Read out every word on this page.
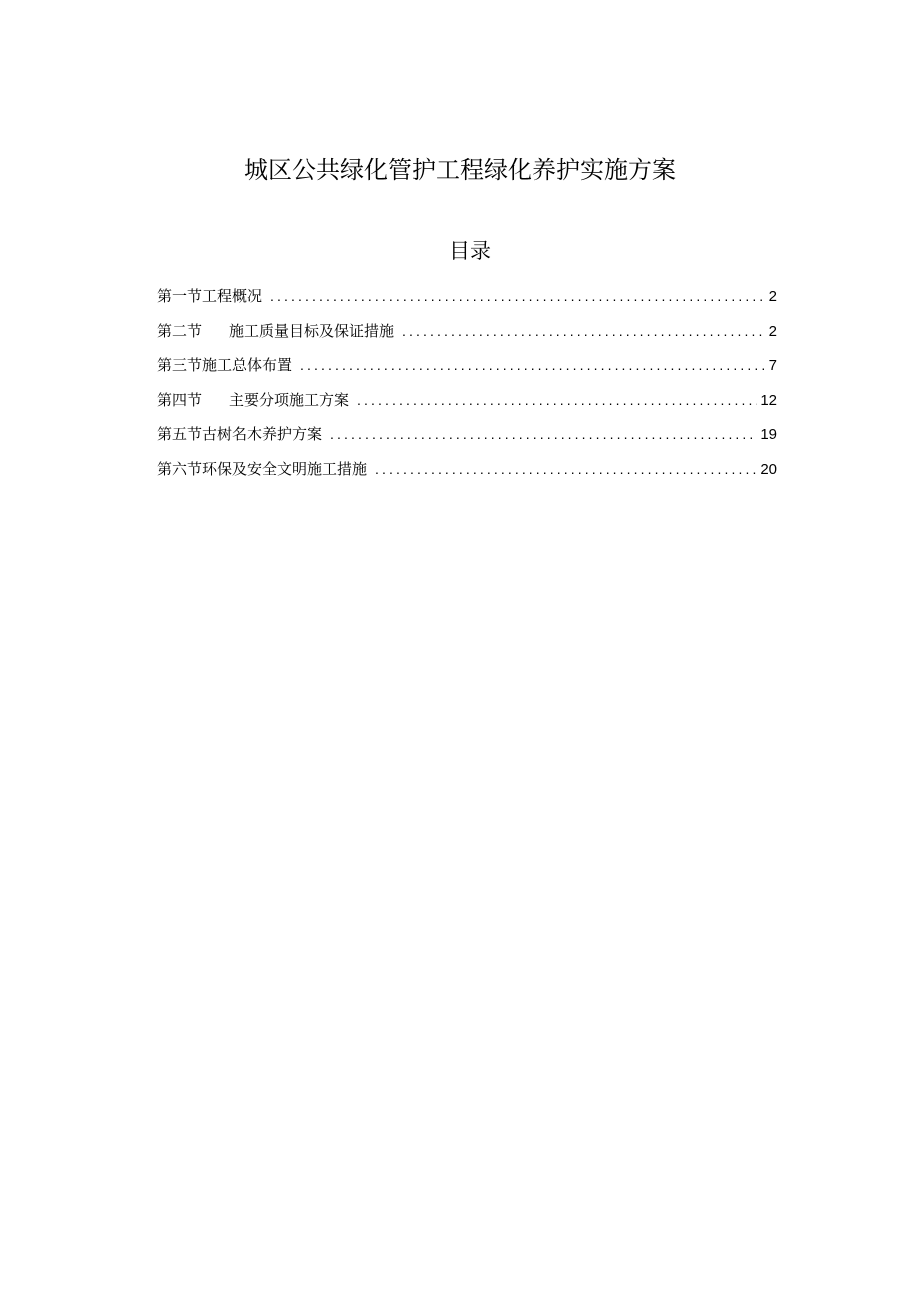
城区公共绿化管护工程绿化养护实施方案
目录
第一节 工程概况 .....	2
第二节 施工质量目标及保证措施 .....	2
第三节 施工总体布置 .....	7
第四节 主要分项施工方案 .....	12
第五节 古树名木养护方案 .....	19
第六节 环保及安全文明施工措施 .....	20
